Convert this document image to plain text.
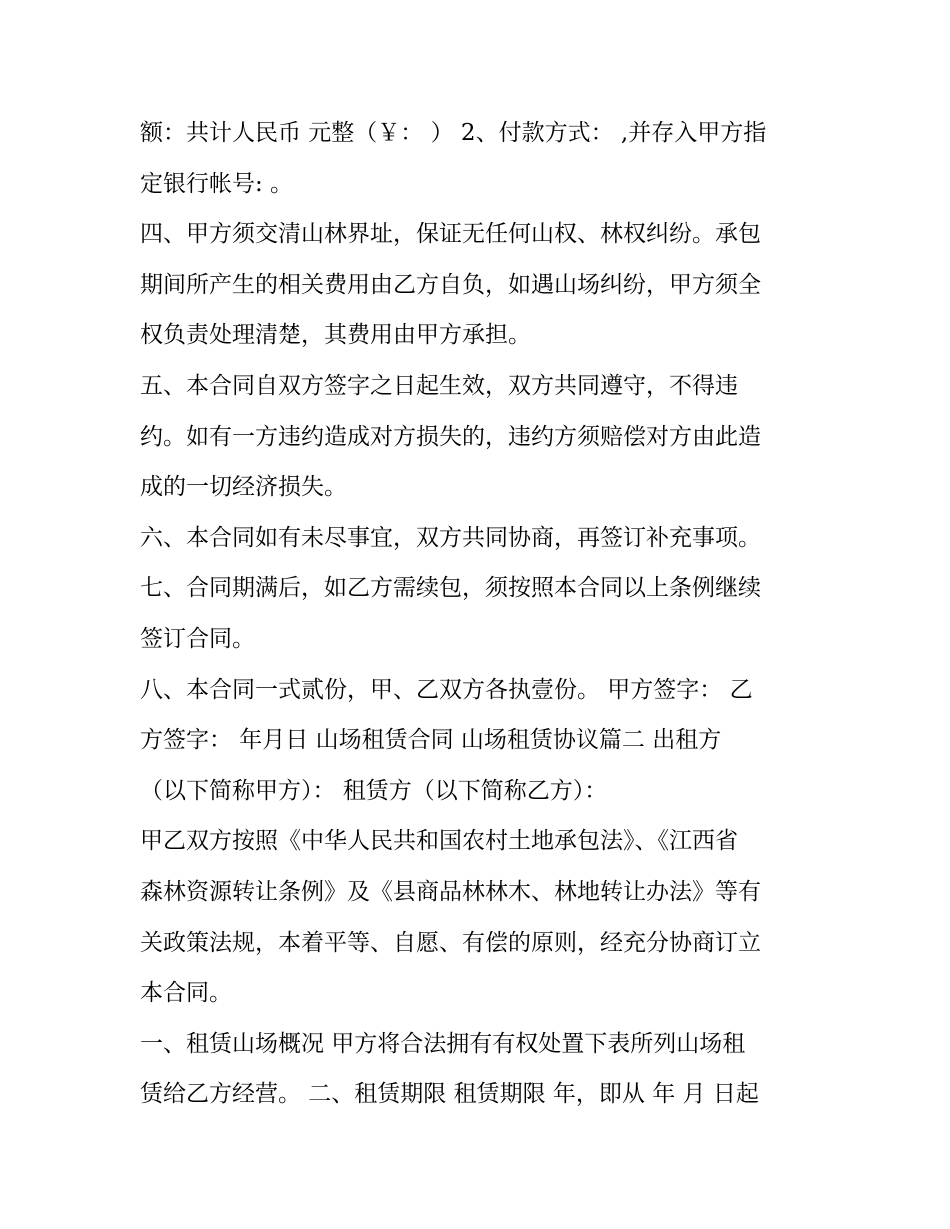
额：共计人民币 元整（￥： ） 2、付款方式： ,并存入甲方指
定银行帐号: 。
四、甲方须交清山林界址，保证无任何山权、林权纠纷。承包
期间所产生的相关费用由乙方自负，如遇山场纠纷，甲方须全
权负责处理清楚，其费用由甲方承担。
五、本合同自双方签字之日起生效，双方共同遵守，不得违
约。如有一方违约造成对方损失的，违约方须赔偿对方由此造
成的一切经济损失。
六、本合同如有未尽事宜，双方共同协商，再签订补充事项。
七、合同期满后，如乙方需续包，须按照本合同以上条例继续
签订合同。
八、本合同一式贰份，甲、乙双方各执壹份。 甲方签字： 乙
方签字： 年月日 山场租赁合同 山场租赁协议篇二 出租方
（以下简称甲方）： 租赁方（以下简称乙方）：
甲乙双方按照《中华人民共和国农村土地承包法》、《江西省
森林资源转让条例》及《县商品林林木、林地转让办法》等有
关政策法规，本着平等、自愿、有偿的原则，经充分协商订立
本合同。
一、租赁山场概况 甲方将合法拥有有权处置下表所列山场租
赁给乙方经营。 二、租赁期限 租赁期限 年，即从 年 月 日起
